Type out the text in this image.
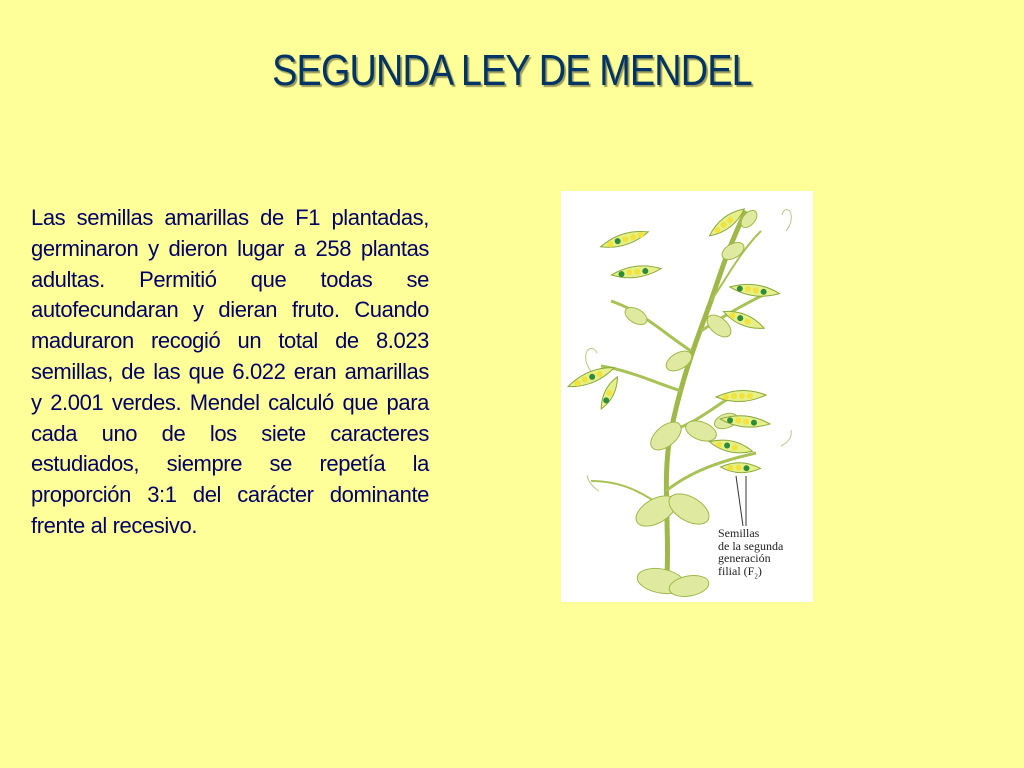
SEGUNDA LEY DE MENDEL

Las semillas amarillas de F1 plantadas, germinaron y dieron lugar a 258 plantas adultas. Permitió que todas se autofecundaran y dieran fruto. Cuando maduraron recogió un total de 8.023 semillas, de las que 6.022 eran amarillas y 2.001 verdes. Mendel calculó que para cada uno de los siete caracteres estudiados, siempre se repetía la proporción 3:1 del carácter dominante frente al recesivo.	Semillas
de la segunda
generación
filial $(F_2)$
